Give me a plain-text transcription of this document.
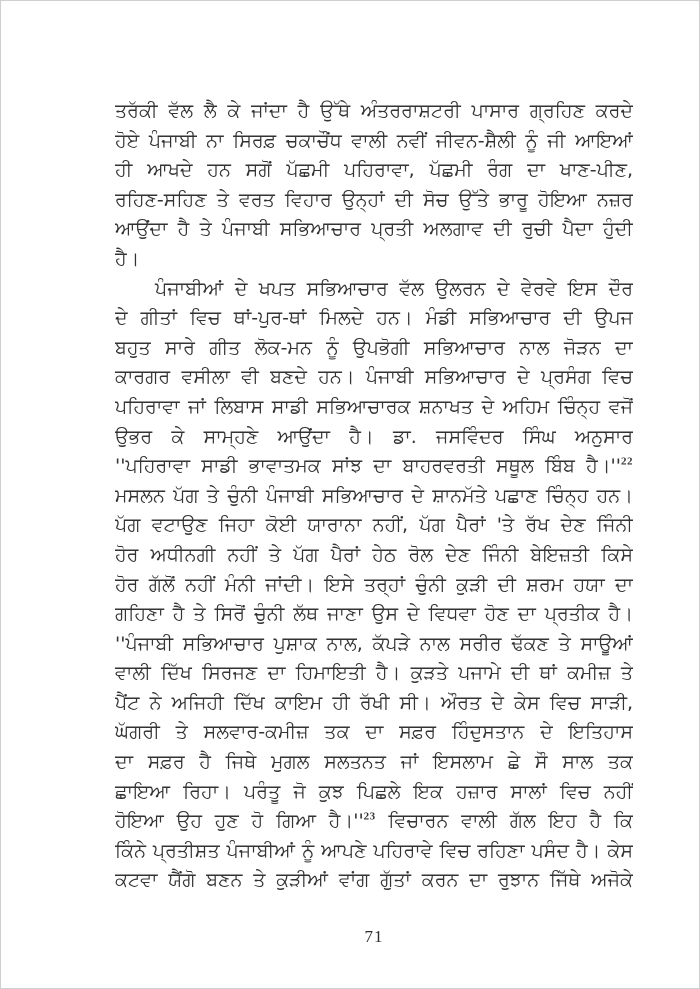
ਤਰੱਕੀ ਵੱਲ ਲੈ ਕੇ ਜਾਂਦਾ ਹੈ ਉੱਥੇ ਅੰਤਰਰਾਸ਼ਟਰੀ ਪਾਸਾਰ ਗ੍ਰਹਿਣ ਕਰਦੇ
ਹੋਏ ਪੰਜਾਬੀ ਨਾ ਸਿਰਫ਼ ਚਕਾਚੌਂਧ ਵਾਲੀ ਨਵੀਂ ਜੀਵਨ-ਸ਼ੈਲੀ ਨੂੰ ਜੀ ਆਇਆਂ
ਹੀ ਆਖਦੇ ਹਨ ਸਗੋਂ ਪੱਛਮੀ ਪਹਿਰਾਵਾ, ਪੱਛਮੀ ਰੰਗ ਦਾ ਖਾਣ-ਪੀਣ,
ਰਹਿਣ-ਸਹਿਣ ਤੇ ਵਰਤ ਵਿਹਾਰ ਉਨ੍ਹਾਂ ਦੀ ਸੋਚ ਉੱਤੇ ਭਾਰੂ ਹੋਇਆ ਨਜ਼ਰ
ਆਉਂਦਾ ਹੈ ਤੇ ਪੰਜਾਬੀ ਸਭਿਆਚਾਰ ਪ੍ਰਤੀ ਅਲਗਾਵ ਦੀ ਰੁਚੀ ਪੈਦਾ ਹੁੰਦੀ
ਹੈ।
ਪੰਜਾਬੀਆਂ ਦੇ ਖਪਤ ਸਭਿਆਚਾਰ ਵੱਲ ਉਲਰਨ ਦੇ ਵੇਰਵੇ ਇਸ ਦੌਰ
ਦੇ ਗੀਤਾਂ ਵਿਚ ਥਾਂ-ਪੁਰ-ਥਾਂ ਮਿਲਦੇ ਹਨ। ਮੰਡੀ ਸਭਿਆਚਾਰ ਦੀ ਉਪਜ
ਬਹੁਤ ਸਾਰੇ ਗੀਤ ਲੋਕ-ਮਨ ਨੂੰ ਉਪਭੋਗੀ ਸਭਿਆਚਾਰ ਨਾਲ ਜੋੜਨ ਦਾ
ਕਾਰਗਰ ਵਸੀਲਾ ਵੀ ਬਣਦੇ ਹਨ। ਪੰਜਾਬੀ ਸਭਿਆਚਾਰ ਦੇ ਪ੍ਰਸੰਗ ਵਿਚ
ਪਹਿਰਾਵਾ ਜਾਂ ਲਿਬਾਸ ਸਾਡੀ ਸਭਿਆਚਾਰਕ ਸ਼ਨਾਖਤ ਦੇ ਅਹਿਮ ਚਿੰਨ੍ਹ ਵਜੋਂ
ਉਭਰ ਕੇ ਸਾਮ੍ਹਣੇ ਆਉਂਦਾ ਹੈ। ਡਾ. ਜਸਵਿੰਦਰ ਸਿੰਘ ਅਨੁਸਾਰ
''ਪਹਿਰਾਵਾ ਸਾਡੀ ਭਾਵਾਤਮਕ ਸਾਂਝ ਦਾ ਬਾਹਰਵਰਤੀ ਸਥੂਲ ਬਿੰਬ ਹੈ।''$^{22}$
ਮਸਲਨ ਪੱਗ ਤੇ ਚੁੰਨੀ ਪੰਜਾਬੀ ਸਭਿਆਚਾਰ ਦੇ ਸ਼ਾਨਮੱਤੇ ਪਛਾਣ ਚਿੰਨ੍ਹ ਹਨ।
ਪੱਗ ਵਟਾਉਣ ਜਿਹਾ ਕੋਈ ਯਾਰਾਨਾ ਨਹੀਂ, ਪੱਗ ਪੈਰਾਂ 'ਤੇ ਰੱਖ ਦੇਣ ਜਿੰਨੀ
ਹੋਰ ਅਧੀਨਗੀ ਨਹੀਂ ਤੇ ਪੱਗ ਪੈਰਾਂ ਹੇਠ ਰੋਲ ਦੇਣ ਜਿੰਨੀ ਬੇਇਜ਼ਤੀ ਕਿਸੇ
ਹੋਰ ਗੱਲੋਂ ਨਹੀਂ ਮੰਨੀ ਜਾਂਦੀ। ਇਸੇ ਤਰ੍ਹਾਂ ਚੁੰਨੀ ਕੁੜੀ ਦੀ ਸ਼ਰਮ ਹਯਾ ਦਾ
ਗਹਿਣਾ ਹੈ ਤੇ ਸਿਰੋਂ ਚੁੰਨੀ ਲੱਥ ਜਾਣਾ ਉਸ ਦੇ ਵਿਧਵਾ ਹੋਣ ਦਾ ਪ੍ਰਤੀਕ ਹੈ।
''ਪੰਜਾਬੀ ਸਭਿਆਚਾਰ ਪੁਸ਼ਾਕ ਨਾਲ, ਕੱਪੜੇ ਨਾਲ ਸਰੀਰ ਢੱਕਣ ਤੇ ਸਾਊਆਂ
ਵਾਲੀ ਦਿੱਖ ਸਿਰਜਣ ਦਾ ਹਿਮਾਇਤੀ ਹੈ। ਕੁੜਤੇ ਪਜਾਮੇ ਦੀ ਥਾਂ ਕਮੀਜ਼ ਤੇ
ਪੈਂਟ ਨੇ ਅਜਿਹੀ ਦਿੱਖ ਕਾਇਮ ਹੀ ਰੱਖੀ ਸੀ। ਔਰਤ ਦੇ ਕੇਸ ਵਿਚ ਸਾੜੀ,
ਘੱਗਰੀ ਤੇ ਸਲਵਾਰ-ਕਮੀਜ਼ ਤਕ ਦਾ ਸਫ਼ਰ ਹਿੰਦੁਸਤਾਨ ਦੇ ਇਤਿਹਾਸ
ਦਾ ਸਫ਼ਰ ਹੈ ਜਿਥੇ ਮੁਗਲ ਸਲਤਨਤ ਜਾਂ ਇਸਲਾਮ ਛੇ ਸੌ ਸਾਲ ਤਕ
ਛਾਇਆ ਰਿਹਾ। ਪਰੰਤੂ ਜੋ ਕੁਝ ਪਿਛਲੇ ਇਕ ਹਜ਼ਾਰ ਸਾਲਾਂ ਵਿਚ ਨਹੀਂ
ਹੋਇਆ ਉਹ ਹੁਣ ਹੋ ਗਿਆ ਹੈ।''$^{23}$ ਵਿਚਾਰਨ ਵਾਲੀ ਗੱਲ ਇਹ ਹੈ ਕਿ
ਕਿੰਨੇ ਪ੍ਰਤੀਸ਼ਤ ਪੰਜਾਬੀਆਂ ਨੂੰ ਆਪਣੇ ਪਹਿਰਾਵੇ ਵਿਚ ਰਹਿਣਾ ਪਸੰਦ ਹੈ। ਕੇਸ
ਕਟਵਾ ਯੈਂਗੋ ਬਣਨ ਤੇ ਕੁੜੀਆਂ ਵਾਂਗ ਗੁੱਤਾਂ ਕਰਨ ਦਾ ਰੁਝਾਨ ਜਿੱਥੇ ਅਜੋਕੇ
71
